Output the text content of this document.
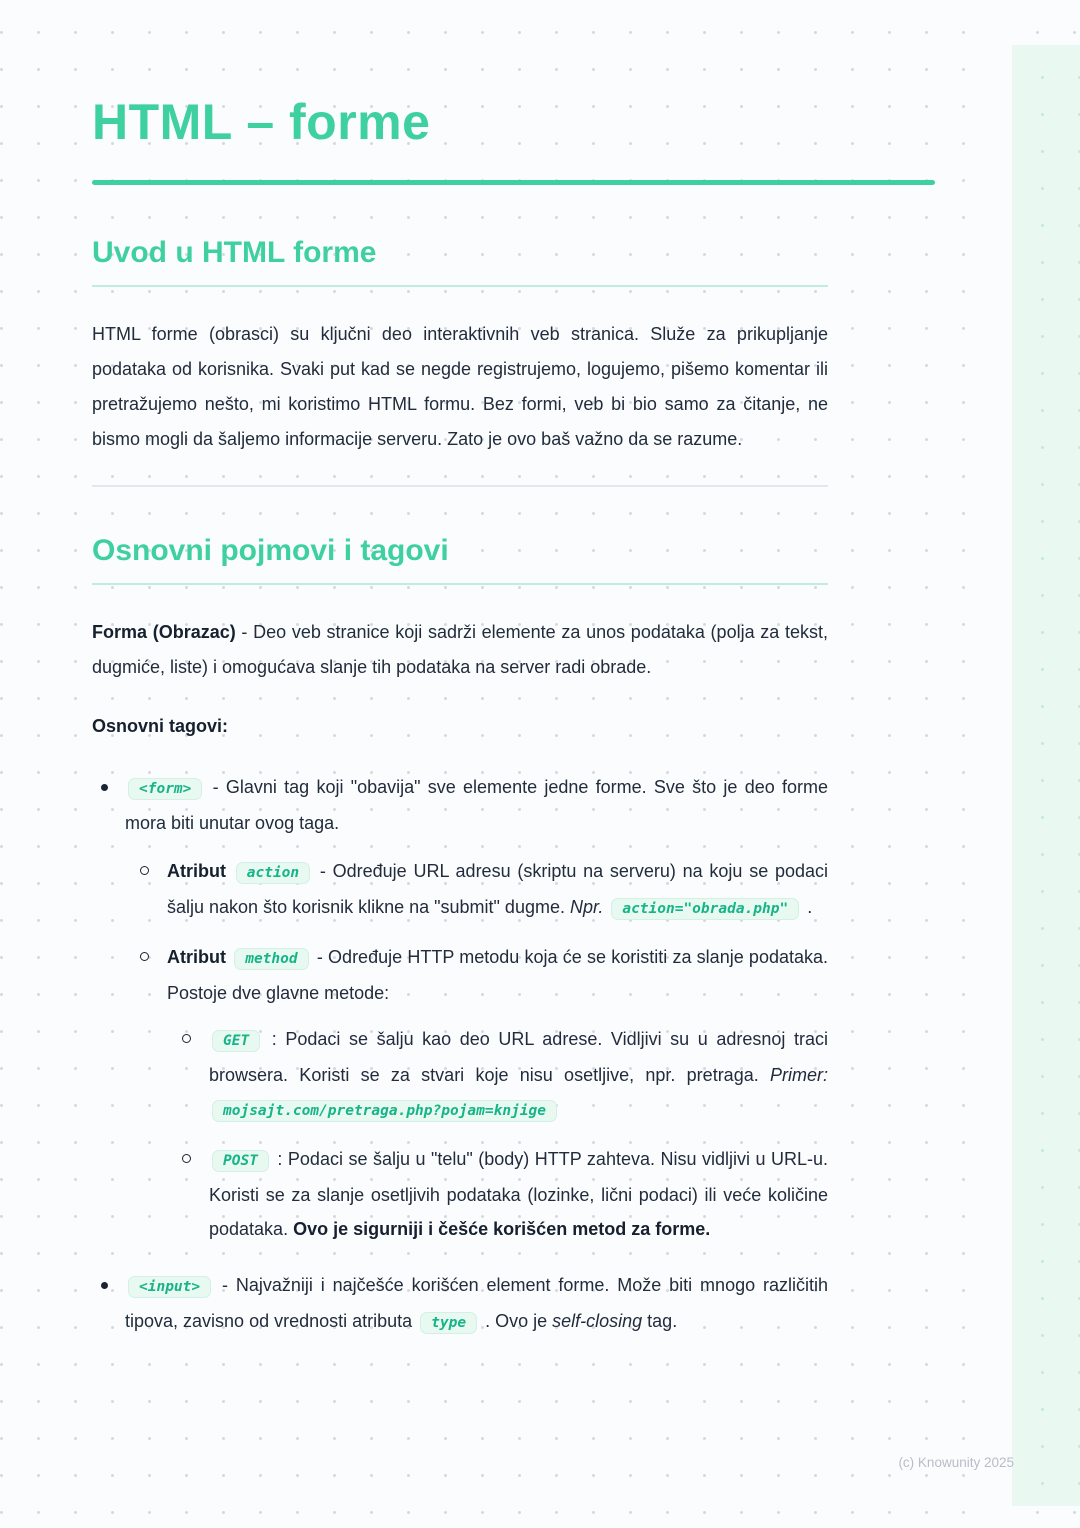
HTML – forme
Uvod u HTML forme

HTML forme (obrasci) su ključni deo interaktivnih veb stranica. Služe za prikupljanje podataka od korisnika. Svaki put kad se negde registrujemo, logujemo, pišemo komentar ili pretražujemo nešto, mi koristimo HTML formu. Bez formi, veb bi bio samo za čitanje, ne bismo mogli da šaljemo informacije serveru. Zato je ovo baš važno da se razume.

Osnovni pojmovi i tagovi

Forma (Obrazac) - Deo veb stranice koji sadrži elemente za unos podataka (polja za tekst, dugmiće, liste) i omogućava slanje tih podataka na server radi obrade.

Osnovni tagovi:

<form> - Glavni tag koji "obavija" sve elemente jedne forme. Sve što je deo forme mora biti unutar ovog taga.
Atribut action - Određuje URL adresu (skriptu na serveru) na koju se podaci šalju nakon što korisnik klikne na "submit" dugme. Npr. action="obrada.php" .
Atribut method - Određuje HTTP metodu koja će se koristiti za slanje podataka. Postoje dve glavne metode:
GET : Podaci se šalju kao deo URL adrese. Vidljivi su u adresnoj traci browsera. Koristi se za stvari koje nisu osetljive, npr. pretraga. Primer: mojsajt.com/pretraga.php?pojam=knjige
POST : Podaci se šalju u "telu" (body) HTTP zahteva. Nisu vidljivi u URL-u. Koristi se za slanje osetljivih podataka (lozinke, lični podaci) ili veće količine podataka. Ovo je sigurniji i češće korišćen metod za forme.
<input> - Najvažniji i najčešće korišćen element forme. Može biti mnogo različitih tipova, zavisno od vrednosti atributa type . Ovo je self-closing tag.
(c) Knowunity 2025
